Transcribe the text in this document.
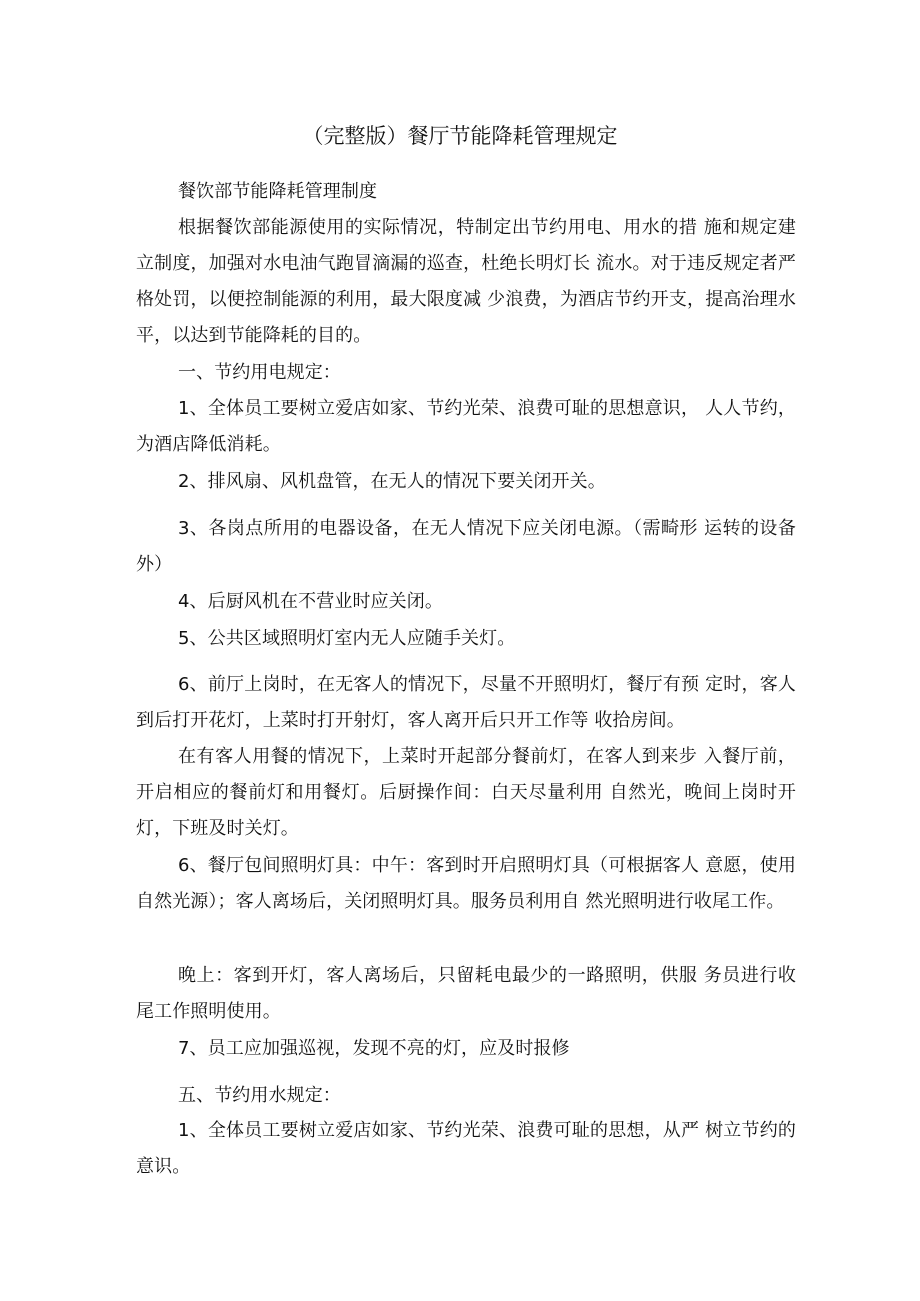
（完整版）餐厅节能降耗管理规定

餐饮部节能降耗管理制度

根据餐饮部能源使用的实际情况，特制定出节约用电、用水的措 施和规定建立制度，加强对水电油气跑冒滴漏的巡查，杜绝长明灯长 流水。对于违反规定者严格处罚，以便控制能源的利用，最大限度减 少浪费，为酒店节约开支，提高治理水平，以达到节能降耗的目的。

一、节约用电规定：

1、全体员工要树立爱店如家、节约光荣、浪费可耻的思想意识， 人人节约，为酒店降低消耗。

2、排风扇、风机盘管，在无人的情况下要关闭开关。

3、各岗点所用的电器设备，在无人情况下应关闭电源。（需畸形 运转的设备外）

4、后厨风机在不营业时应关闭。

5、公共区域照明灯室内无人应随手关灯。

6、前厅上岗时，在无客人的情况下，尽量不开照明灯，餐厅有预 定时，客人到后打开花灯，上菜时打开射灯，客人离开后只开工作等 收拾房间。

在有客人用餐的情况下，上菜时开起部分餐前灯，在客人到来步 入餐厅前，开启相应的餐前灯和用餐灯。后厨操作间：白天尽量利用 自然光，晚间上岗时开灯，下班及时关灯。

6、餐厅包间照明灯具：中午：客到时开启照明灯具（可根据客人 意愿，使用自然光源）；客人离场后，关闭照明灯具。服务员利用自 然光照明进行收尾工作。

晚上：客到开灯，客人离场后，只留耗电最少的一路照明，供服 务员进行收尾工作照明使用。

7、员工应加强巡视，发现不亮的灯，应及时报修

五、节约用水规定：

1、全体员工要树立爱店如家、节约光荣、浪费可耻的思想，从严 树立节约的意识。
